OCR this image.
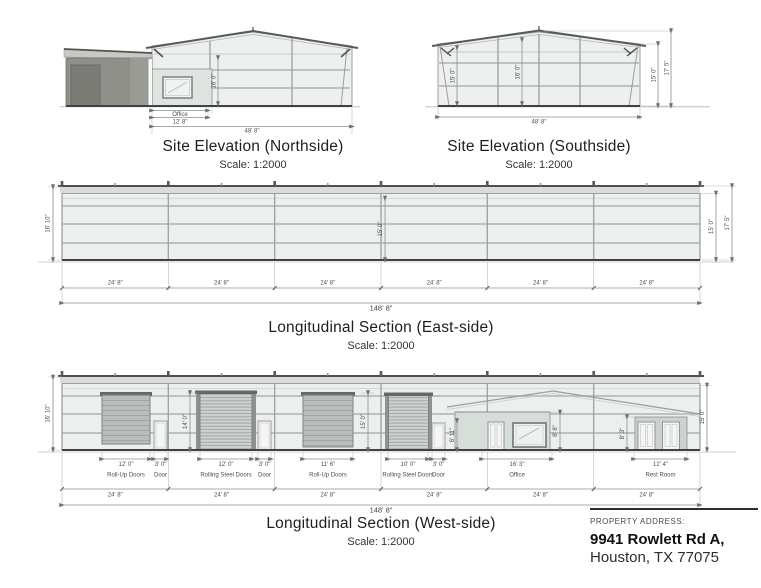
Office
12' 8"
48' 8"
16' 0"
Site Elevation (Northside)
Scale: 1:2000
48' 8"
15' 0"	16' 0"	15' 0" 17' 5"
Site Elevation (Southside)
Scale: 1:2000
16' 10"	15' 0"	15' 0" 17' 5"
24' 8"	24' 8"	24' 8"	24' 8"	24' 8"	24' 8"
148' 8"
Longitudinal Section (East-side)
Scale: 1:2000
16' 10"	14' 0"	15' 0"
6' 11"	8' 8"	8' 3"
15' 0"
12' 0"	3' 0"	12' 0"	3' 0"	11' 6"	10' 0"	3' 0"	16' 3"	12' 4"
Roll-Up Doors Door	Rolling Steel Doors Door	Roll-Up Doors	Rolling Steel Doors
Door	Office	Rest Room
24' 8"	24' 8"	24' 8"	24' 8"	24' 8"	24' 8"
148' 8"
Longitudinal Section (West-side)
Scale: 1:2000
PROPERTY ADDRESS:
9941 Rowlett Rd A,
Houston, TX 77075
